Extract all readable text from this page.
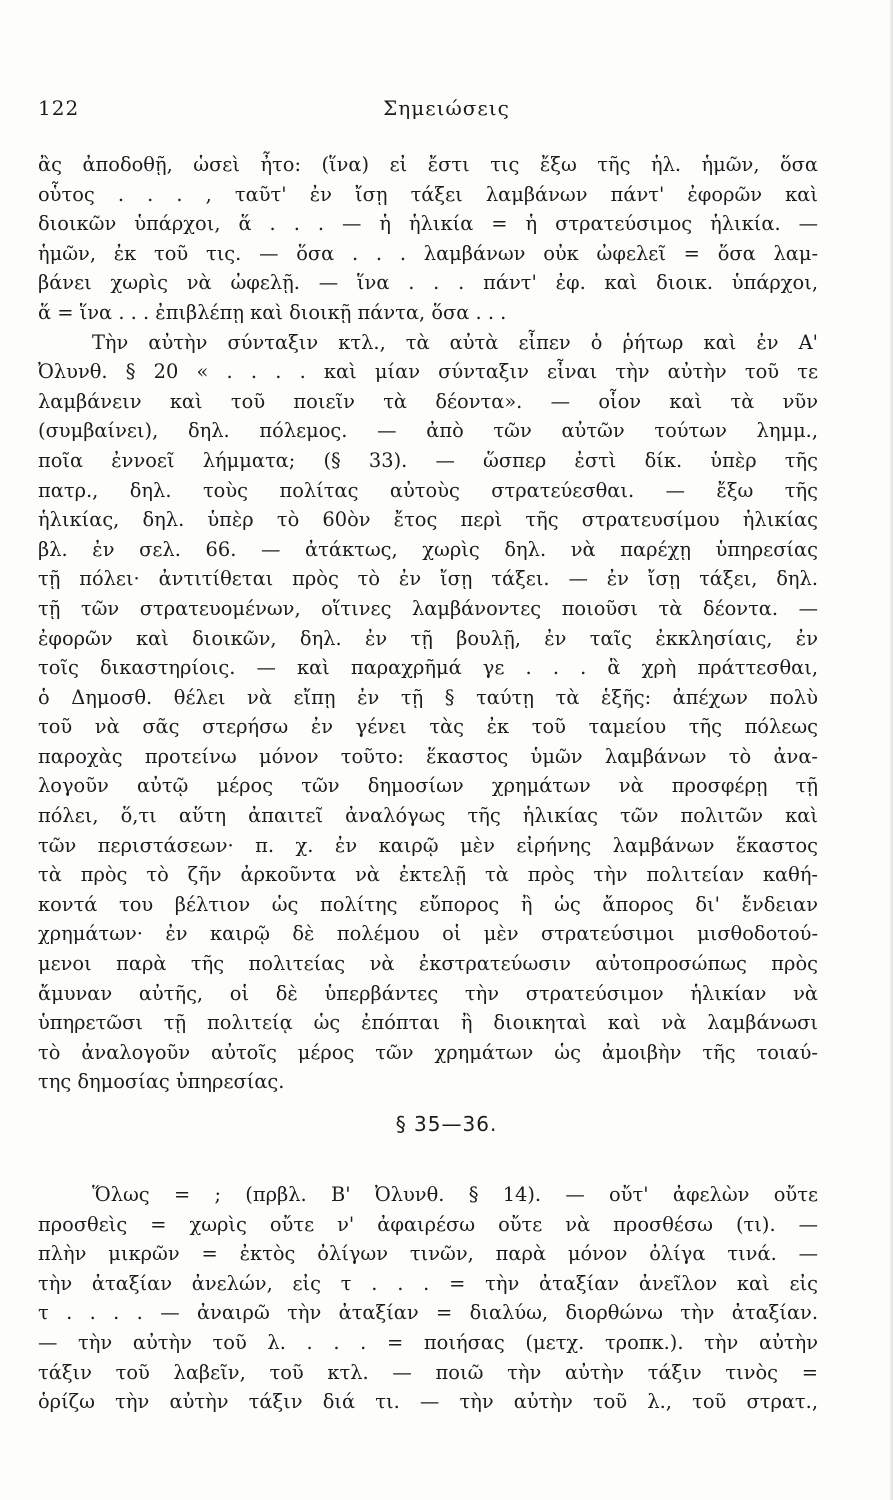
122	Σημειώσεις
ἂς ἀποδοθῇ, ὡσεὶ ἦτο: (ἵνα) εἰ ἔστι τις ἔξω τῆς ἡλ. ἡμῶν, ὅσα
οὗτος . . . , ταῦτ' ἐν ἴσῃ τάξει λαμβάνων πάντ' ἐφορῶν καὶ
διοικῶν ὑπάρχοι, ἅ . . . — ἡ ἡλικία = ἡ στρατεύσιμος ἡλικία. —
ἡμῶν, ἐκ τοῦ τις. — ὅσα . . . λαμβάνων οὐκ ὠφελεῖ = ὅσα λαμ-
βάνει χωρὶς νὰ ὠφελῇ. — ἵνα . . . πάντ' ἐφ. καὶ διοικ. ὑπάρχοι,
ἅ = ἵνα . . . ἐπιβλέπῃ καὶ διοικῇ πάντα, ὅσα . . .
Τὴν αὐτὴν σύνταξιν κτλ., τὰ αὐτὰ εἶπεν ὁ ῥήτωρ καὶ ἐν Α'
Ὀλυνθ. § 20 « . . . . καὶ μίαν σύνταξιν εἶναι τὴν αὐτὴν τοῦ τε
λαμβάνειν καὶ τοῦ ποιεῖν τὰ δέοντα». — οἷον καὶ τὰ νῦν
(συμβαίνει), δηλ. πόλεμος. — ἀπὸ τῶν αὐτῶν τούτων λημμ.,
ποῖα ἐννοεῖ λήμματα; (§ 33). — ὥσπερ ἐστὶ δίκ. ὑπὲρ τῆς
πατρ., δηλ. τοὺς πολίτας αὐτοὺς στρατεύεσθαι. — ἔξω τῆς
ἡλικίας, δηλ. ὑπὲρ τὸ 60ὸν ἔτος περὶ τῆς στρατευσίμου ἡλικίας
βλ. ἐν σελ. 66. — ἀτάκτως, χωρὶς δηλ. νὰ παρέχῃ ὑπηρεσίας
τῇ πόλει· ἀντιτίθεται πρὸς τὸ ἐν ἴσῃ τάξει. — ἐν ἴσῃ τάξει, δηλ.
τῇ τῶν στρατευομένων, οἵτινες λαμβάνοντες ποιοῦσι τὰ δέοντα. —
ἐφορῶν καὶ διοικῶν, δηλ. ἐν τῇ βουλῇ, ἐν ταῖς ἐκκλησίαις, ἐν
τοῖς δικαστηρίοις. — καὶ παραχρῆμά γε . . . ἃ χρὴ πράττεσθαι,
ὁ Δημοσθ. θέλει νὰ εἴπῃ ἐν τῇ § ταύτῃ τὰ ἑξῆς: ἀπέχων πολὺ
τοῦ νὰ σᾶς στερήσω ἐν γένει τὰς ἐκ τοῦ ταμείου τῆς πόλεως
παροχὰς προτείνω μόνον τοῦτο: ἕκαστος ὑμῶν λαμβάνων τὸ ἀνα-
λογοῦν αὐτῷ μέρος τῶν δημοσίων χρημάτων νὰ προσφέρῃ τῇ
πόλει, ὅ,τι αὕτη ἀπαιτεῖ ἀναλόγως τῆς ἡλικίας τῶν πολιτῶν καὶ
τῶν περιστάσεων· π. χ. ἐν καιρῷ μὲν εἰρήνης λαμβάνων ἕκαστος
τὰ πρὸς τὸ ζῆν ἀρκοῦντα νὰ ἐκτελῇ τὰ πρὸς τὴν πολιτείαν καθή-
κοντά του βέλτιον ὡς πολίτης εὔπορος ἢ ὡς ἄπορος δι' ἔνδειαν
χρημάτων· ἐν καιρῷ δὲ πολέμου οἱ μὲν στρατεύσιμοι μισθοδοτού-
μενοι παρὰ τῆς πολιτείας νὰ ἐκστρατεύωσιν αὐτοπροσώπως πρὸς
ἄμυναν αὐτῆς, οἱ δὲ ὑπερβάντες τὴν στρατεύσιμον ἡλικίαν νὰ
ὑπηρετῶσι τῇ πολιτείᾳ ὡς ἐπόπται ἢ διοικηταὶ καὶ νὰ λαμβάνωσι
τὸ ἀναλογοῦν αὐτοῖς μέρος τῶν χρημάτων ὡς ἀμοιβὴν τῆς τοιαύ-
της δημοσίας ὑπηρεσίας.
§ 35—36.
Ὅλως = ; (πρβλ. Β' Ὀλυνθ. § 14). — οὔτ' ἀφελὼν οὔτε
προσθεὶς = χωρὶς οὔτε ν' ἀφαιρέσω οὔτε νὰ προσθέσω (τι). —
πλὴν μικρῶν = ἐκτὸς ὀλίγων τινῶν, παρὰ μόνον ὀλίγα τινά. —
τὴν ἀταξίαν ἀνελών, εἰς τ . . . = τὴν ἀταξίαν ἀνεῖλον καὶ εἰς
τ . . . . — ἀναιρῶ τὴν ἀταξίαν = διαλύω, διορθώνω τὴν ἀταξίαν.
— τὴν αὐτὴν τοῦ λ. . . . = ποιήσας (μετχ. τροπκ.). τὴν αὐτὴν
τάξιν τοῦ λαβεῖν, τοῦ κτλ. — ποιῶ τὴν αὐτὴν τάξιν τινὸς =
ὁρίζω τὴν αὐτὴν τάξιν διά τι. — τὴν αὐτὴν τοῦ λ., τοῦ στρατ.,
